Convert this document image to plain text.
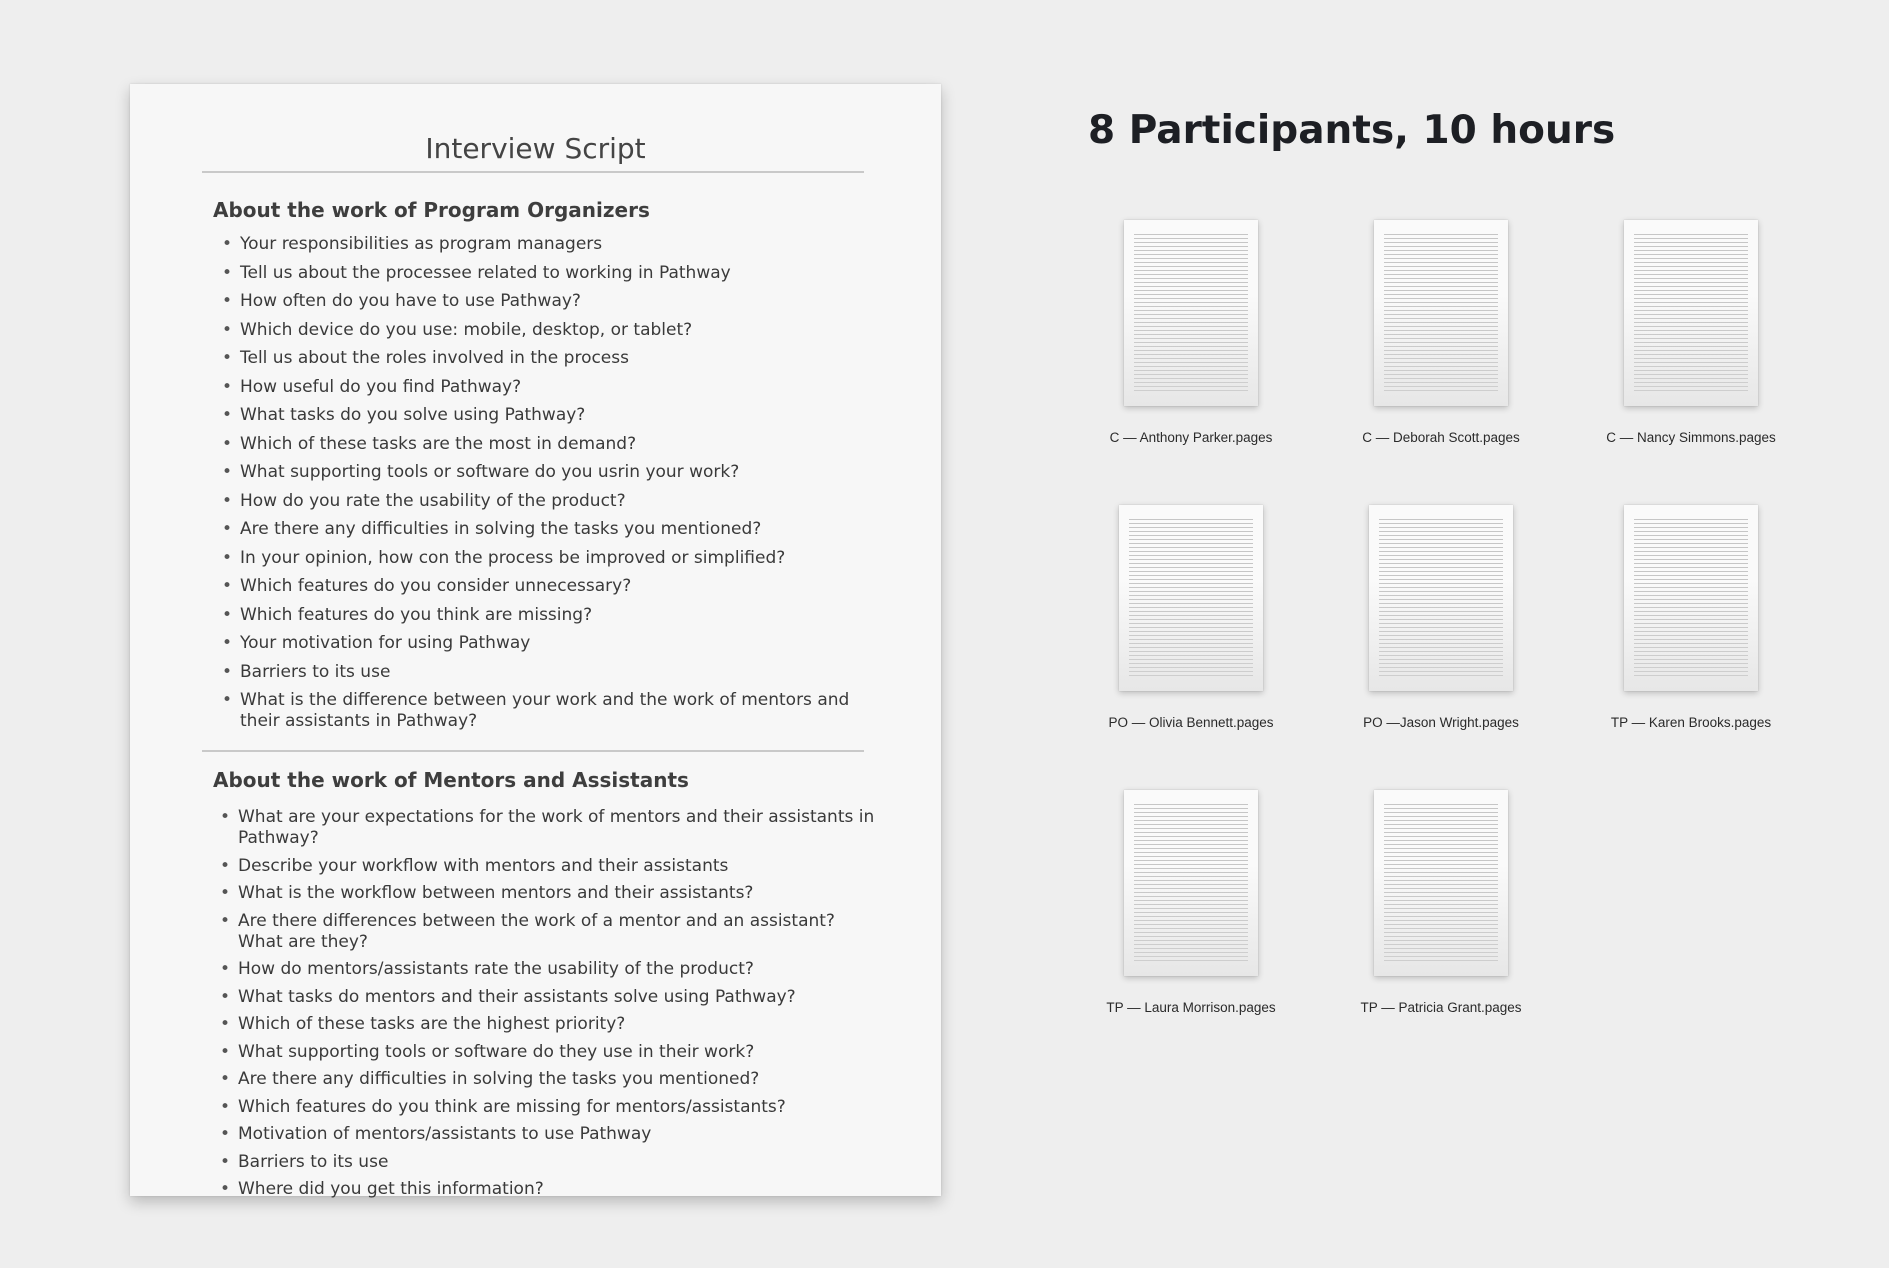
Interview Script
About the work of Program Organizers
• Your responsibilities as program managers
• Tell us about the processee related to working in Pathway
• How often do you have to use Pathway?
• Which device do you use: mobile, desktop, or tablet?
• Tell us about the roles involved in the process
• How useful do you find Pathway?
• What tasks do you solve using Pathway?
• Which of these tasks are the most in demand?
• What supporting tools or software do you usrin your work?
• How do you rate the usability of the product?
• Are there any difficulties in solving the tasks you mentioned?
• In your opinion, how con the process be improved or simplified?
• Which features do you consider unnecessary?
• Which features do you think are missing?
• Your motivation for using Pathway
• Barriers to its use
• What is the difference between your work and the work of mentors and their assistants in Pathway?
About the work of Mentors and Assistants
• What are your expectations for the work of mentors and their assistants in Pathway?
• Describe your workflow with mentors and their assistants
• What is the workflow between mentors and their assistants?
• Are there differences between the work of a mentor and an assistant? What are they?
• How do mentors/assistants rate the usability of the product?
• What tasks do mentors and their assistants solve using Pathway?
• Which of these tasks are the highest priority?
• What supporting tools or software do they use in their work?
• Are there any difficulties in solving the tasks you mentioned?
• Which features do you think are missing for mentors/assistants?
• Motivation of mentors/assistants to use Pathway
• Barriers to its use
• Where did you get this information?
8 Participants, 10 hours
C — Anthony Parker.pages	C — Deborah Scott.pages	C — Nancy Simmons.pages
PO — Olivia Bennett.pages	PO —Jason Wright.pages	TP — Karen Brooks.pages
TP — Laura Morrison.pages	TP — Patricia Grant.pages
